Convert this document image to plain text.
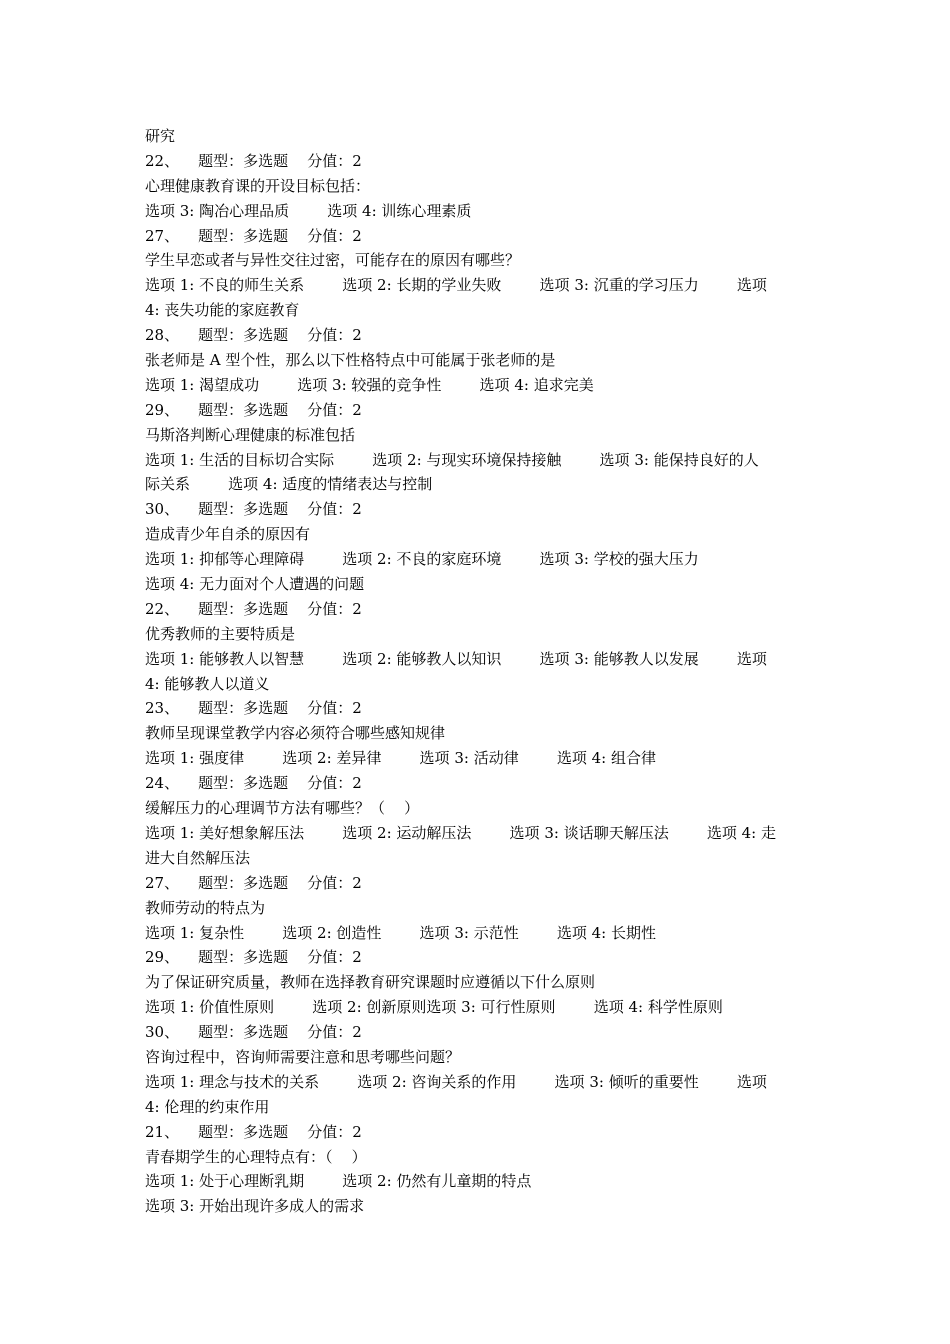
研究
22、    题型：多选题    分值：2
心理健康教育课的开设目标包括：
选项 3: 陶冶心理品质        选项 4: 训练心理素质
27、    题型：多选题    分值：2
学生早恋或者与异性交往过密，可能存在的原因有哪些？
选项 1: 不良的师生关系        选项 2: 长期的学业失败        选项 3: 沉重的学习压力        选项
4: 丧失功能的家庭教育
28、    题型：多选题    分值：2
张老师是 A 型个性，那么以下性格特点中可能属于张老师的是
选项 1: 渴望成功        选项 3: 较强的竞争性        选项 4: 追求完美
29、    题型：多选题    分值：2
马斯洛判断心理健康的标准包括
选项 1: 生活的目标切合实际        选项 2: 与现实环境保持接触        选项 3: 能保持良好的人
际关系        选项 4: 适度的情绪表达与控制
30、    题型：多选题    分值：2
造成青少年自杀的原因有
选项 1: 抑郁等心理障碍        选项 2: 不良的家庭环境        选项 3: 学校的强大压力
选项 4: 无力面对个人遭遇的问题
22、    题型：多选题    分值：2
优秀教师的主要特质是
选项 1: 能够教人以智慧        选项 2: 能够教人以知识        选项 3: 能够教人以发展        选项
4: 能够教人以道义
23、    题型：多选题    分值：2
教师呈现课堂教学内容必须符合哪些感知规律
选项 1: 强度律        选项 2: 差异律        选项 3: 活动律        选项 4: 组合律
24、    题型：多选题    分值：2
缓解压力的心理调节方法有哪些？（    ）
选项 1: 美好想象解压法        选项 2: 运动解压法        选项 3: 谈话聊天解压法        选项 4: 走
进大自然解压法
27、    题型：多选题    分值：2
教师劳动的特点为
选项 1: 复杂性        选项 2: 创造性        选项 3: 示范性        选项 4: 长期性
29、    题型：多选题    分值：2
为了保证研究质量，教师在选择教育研究课题时应遵循以下什么原则
选项 1: 价值性原则        选项 2: 创新原则选项 3: 可行性原则        选项 4: 科学性原则
30、    题型：多选题    分值：2
咨询过程中，咨询师需要注意和思考哪些问题？
选项 1: 理念与技术的关系        选项 2: 咨询关系的作用        选项 3: 倾听的重要性        选项
4: 伦理的约束作用
21、    题型：多选题    分值：2
青春期学生的心理特点有：（    ）
选项 1: 处于心理断乳期        选项 2: 仍然有儿童期的特点
选项 3: 开始出现许多成人的需求
